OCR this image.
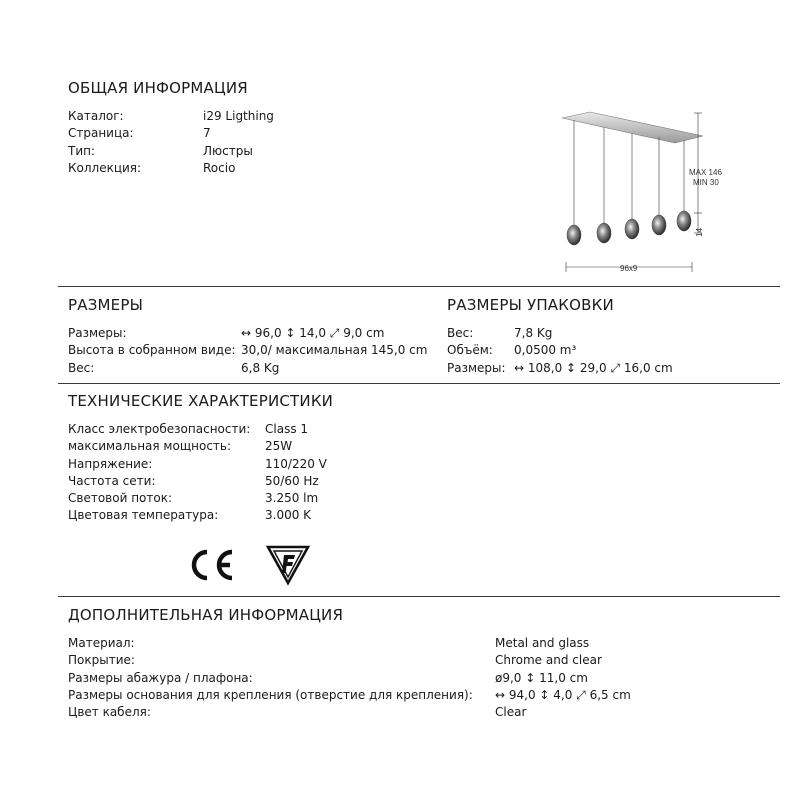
ОБЩАЯ ИНФОРМАЦИЯ
Каталог:	i29 Ligthing
Страница:	7
Тип:	Люстры
Коллекция:	Rocio	MAX 146
MIN 30
14
96x9
РАЗМЕРЫ
Размеры:	↔ 96,0 ↕ 14,0 ⤢ 9,0 cm
Высота в собранном виде: 30,0/ максимальная 145,0 cm
Вес:	6,8 Kg
РАЗМЕРЫ УПАКОВКИ
Вес:	7,8 Kg
Объём:	0,0500 m³
Размеры: ↔ 108,0 ↕ 29,0 ⤢ 16,0 cm
ТЕХНИЧЕСКИЕ ХАРАКТЕРИСТИКИ
Класс электробезопасности:	Class 1
максимальная мощность:	25W
Напряжение:	110/220 V
Частота сети:	50/60 Hz
Световой поток:	3.250 lm
Цветовая температура:	3.000 K
ДОПОЛНИТЕЛЬНАЯ ИНФОРМАЦИЯ
Материал:	Metal and glass
Покрытие:	Chrome and clear
Размеры абажура / плафона:	ø9,0 ↕ 11,0 cm
Размеры основания для крепления (отверстие для крепления):	↔ 94,0 ↕ 4,0 ⤢ 6,5 cm
Цвет кабеля:	Clear
